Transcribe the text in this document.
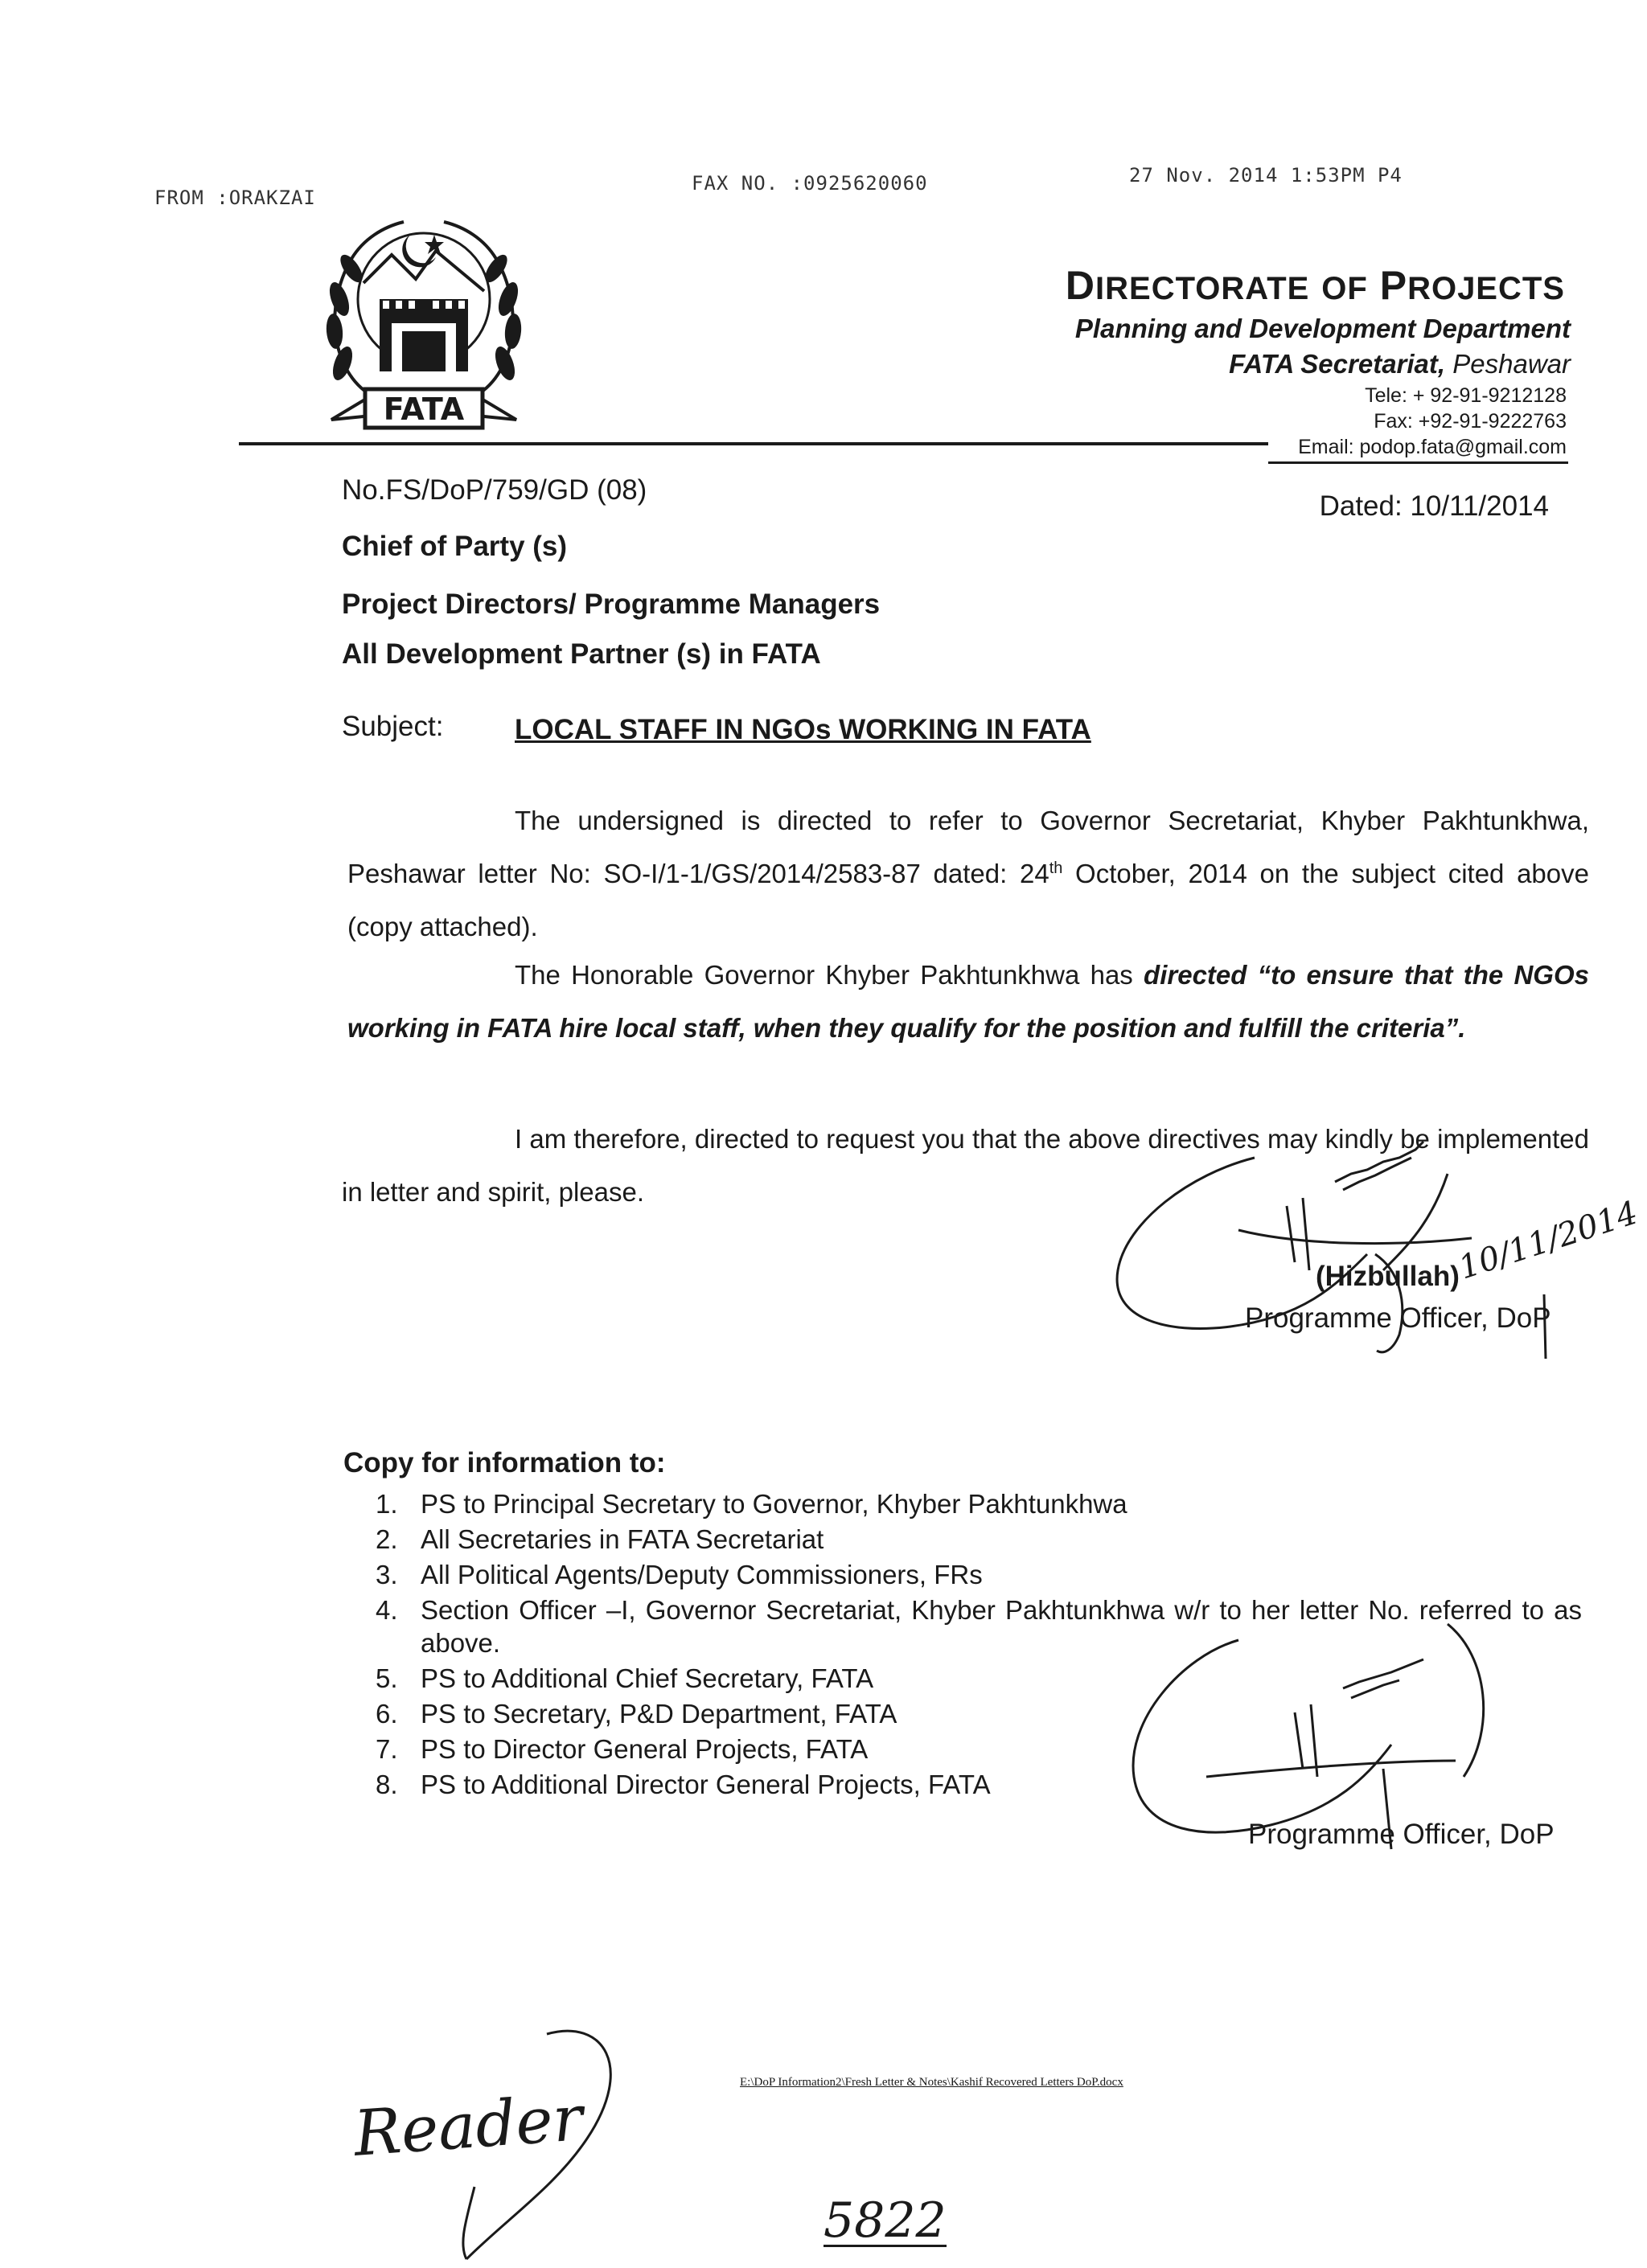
FROM :ORAKZAI
FAX NO. :0925620060	27 Nov. 2014 1:53PM P4
FATA
DIRECTORATE OF PROJECTS
Planning and Development Department
FATA Secretariat, Peshawar
Tele: + 92-91-9212128
Fax: +92-91-9222763
Email: podop.fata@gmail.com
No.FS/DoP/759/GD (08)
Dated: 10/11/2014
Chief of Party (s)
Project Directors/ Programme Managers
All Development Partner (s) in FATA
Subject:	LOCAL STAFF IN NGOs WORKING IN FATA
The undersigned is directed to refer to Governor Secretariat, Khyber Pakhtunkhwa, Peshawar letter No: SO-I/1-1/GS/2014/2583-87 dated: 24th October, 2014 on the subject cited above (copy attached).
The Honorable Governor Khyber Pakhtunkhwa has directed “to ensure that the NGOs working in FATA hire local staff, when they qualify for the position and fulfill the criteria”.
I am therefore, directed to request you that the above directives may kindly be implemented in letter and spirit, please.
10/11/2014
(Hizbullah)
Programme Officer, DoP
Copy for information to:
1. PS to Principal Secretary to Governor, Khyber Pakhtunkhwa
2. All Secretaries in FATA Secretariat
3. All Political Agents/Deputy Commissioners, FRs
4. Section Officer –I, Governor Secretariat, Khyber Pakhtunkhwa w/r to her letter No. referred to as above.
5. PS to Additional Chief Secretary, FATA
6. PS to Secretary, P&D Department, FATA
7. PS to Director General Projects, FATA
8. PS to Additional Director General Projects, FATA
Programme Officer, DoP
E:\DoP Information2\Fresh Letter & Notes\Kashif Recovered Letters DoP.docx
Reader
5822
